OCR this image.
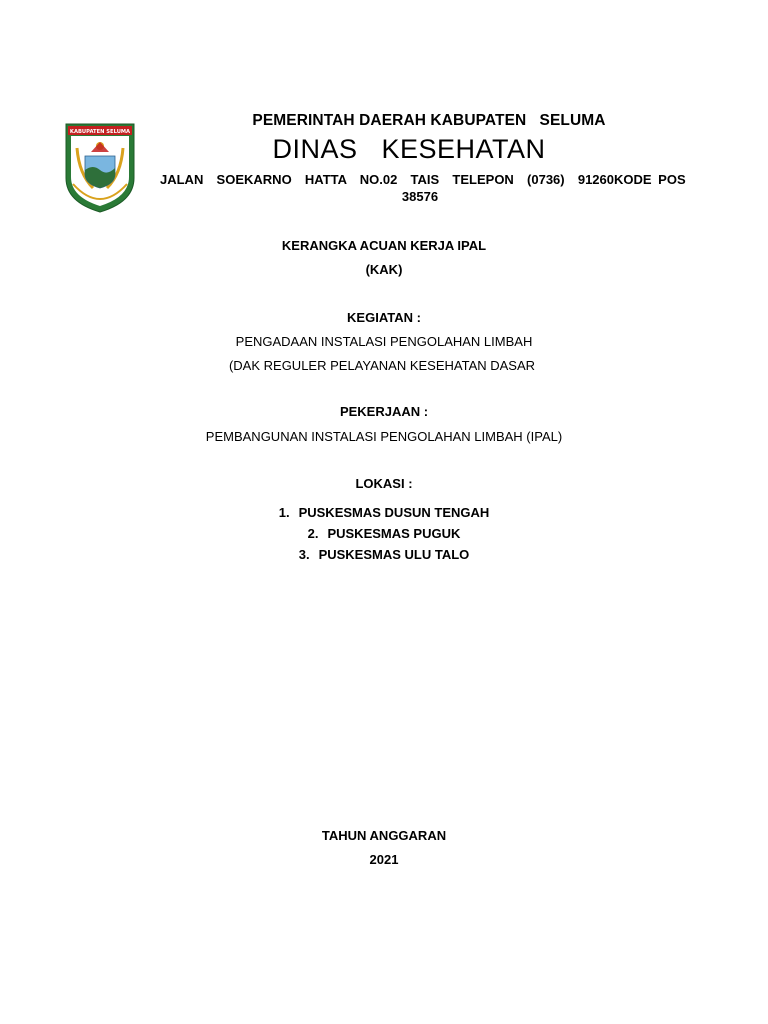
KABUPATEN SELUMA
PEMERINTAH DAERAH KABUPATEN   SELUMA
DINAS   KESEHATAN
JALAN  SOEKARNO  HATTA  NO.02  TAIS  TELEPON  (0736)  91260KODE POS
38576
KERANGKA ACUAN KERJA IPAL
(KAK)
KEGIATAN :
PENGADAAN INSTALASI PENGOLAHAN LIMBAH
(DAK REGULER PELAYANAN KESEHATAN DASAR
PEKERJAAN :
PEMBANGUNAN INSTALASI PENGOLAHAN LIMBAH (IPAL)
LOKASI :
1. PUSKESMAS DUSUN TENGAH
2. PUSKESMAS PUGUK
3. PUSKESMAS ULU TALO
TAHUN ANGGARAN
2021
